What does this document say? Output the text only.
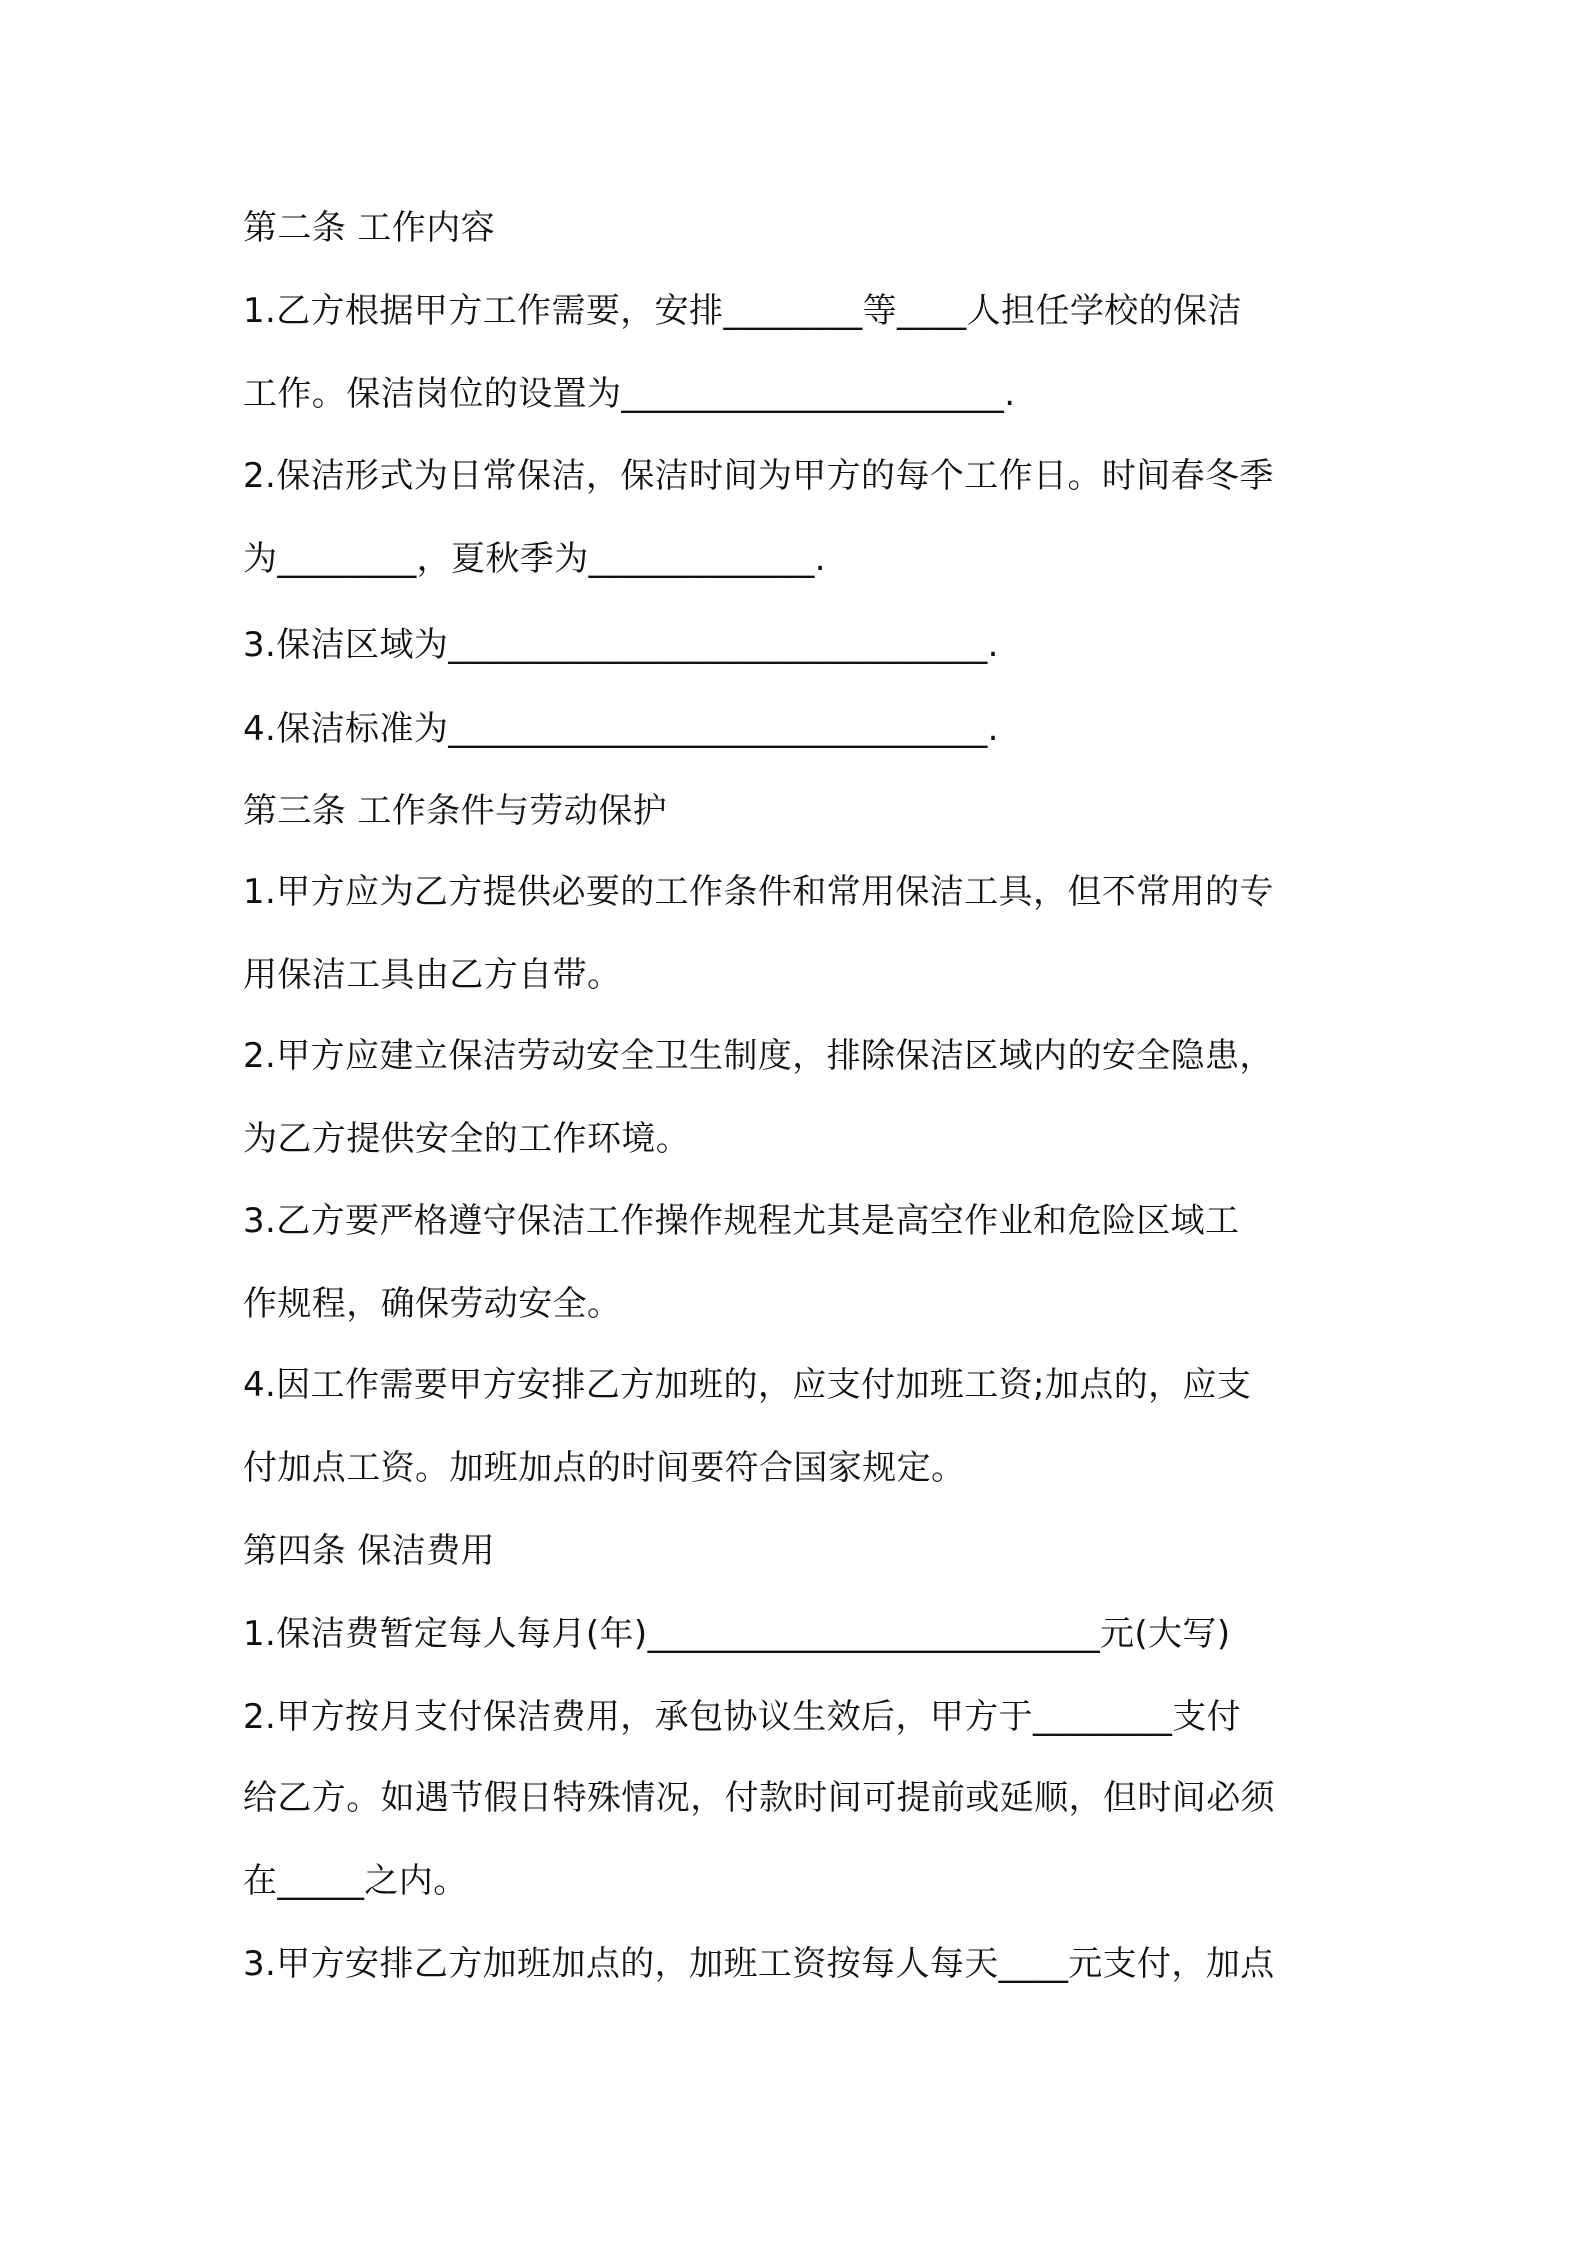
第二条 工作内容
1.乙方根据甲方工作需要，安排________等____人担任学校的保洁
工作。保洁岗位的设置为______________________.
2.保洁形式为日常保洁，保洁时间为甲方的每个工作日。时间春冬季
为________，夏秋季为_____________.
3.保洁区域为_______________________________.
4.保洁标准为_______________________________.
第三条 工作条件与劳动保护
1.甲方应为乙方提供必要的工作条件和常用保洁工具，但不常用的专
用保洁工具由乙方自带。
2.甲方应建立保洁劳动安全卫生制度，排除保洁区域内的安全隐患，
为乙方提供安全的工作环境。
3.乙方要严格遵守保洁工作操作规程尤其是高空作业和危险区域工
作规程，确保劳动安全。
4.因工作需要甲方安排乙方加班的，应支付加班工资;加点的，应支
付加点工资。加班加点的时间要符合国家规定。
第四条 保洁费用
1.保洁费暂定每人每月(年)__________________________元(大写)
2.甲方按月支付保洁费用，承包协议生效后，甲方于________支付
给乙方。如遇节假日特殊情况，付款时间可提前或延顺，但时间必须
在_____之内。
3.甲方安排乙方加班加点的，加班工资按每人每天____元支付，加点
